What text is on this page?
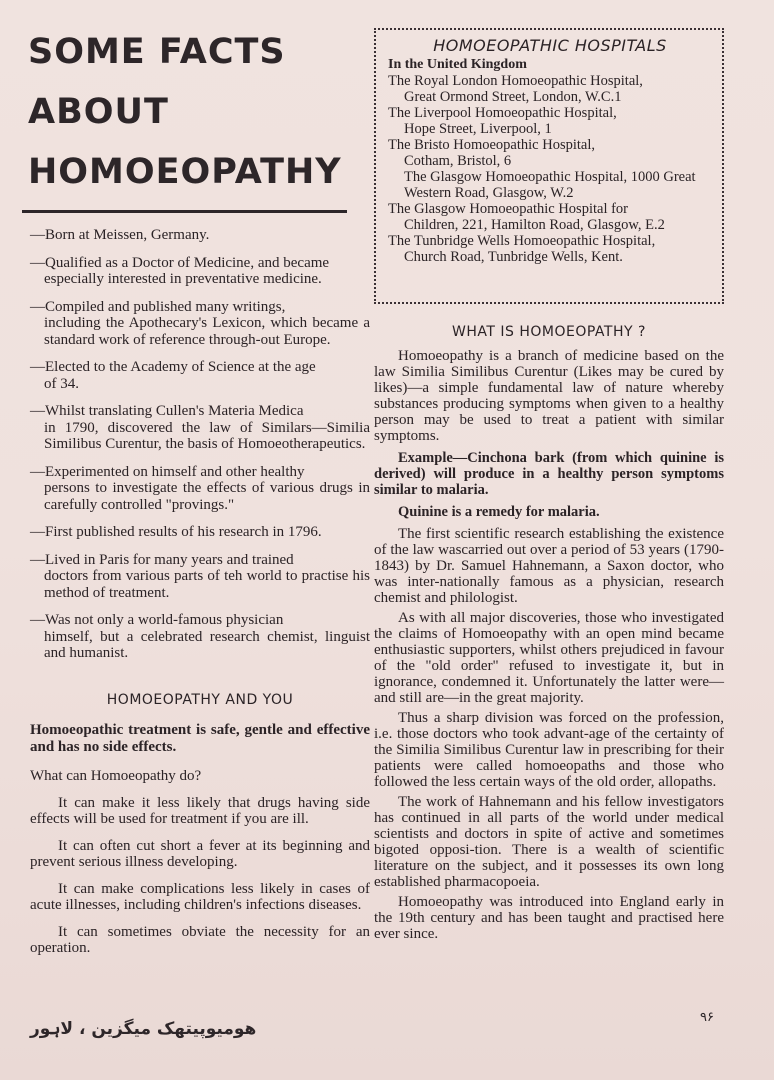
SOME FACTS
ABOUT
HOMOEOPATHY

—Born at Meissen, Germany.

—Qualified as a Doctor of Medicine, and became
especially interested in preventative medicine.

—Compiled and published many writings,
including the Apothecary's Lexicon, which became a standard work of reference through-out Europe.

—Elected to the Academy of Science at the age
of 34.

—Whilst translating Cullen's Materia Medica
in 1790, discovered the law of Similars—Similia Similibus Curentur, the basis of Homoeotherapeutics.

—Experimented on himself and other healthy
persons to investigate the effects of various drugs in carefully controlled "provings."

—First published results of his research in 1796.

—Lived in Paris for many years and trained
doctors from various parts of teh world to practise his method of treatment.

—Was not only a world-famous physician
himself, but a celebrated research chemist, linguist and humanist.

HOMOEOPATHY AND YOU

Homoeopathic treatment is safe, gentle and effective and has no side effects.

What can Homoeopathy do?

It can make it less likely that drugs having side effects will be used for treatment if you are ill.

It can often cut short a fever at its beginning and prevent serious illness developing.

It can make complications less likely in cases of acute illnesses, including children's infections diseases.

It can sometimes obviate the necessity for an operation.

HOMOEOPATHIC HOSPITALS

In the United Kingdom

The Royal London Homoeopathic Hospital,
Great Ormond Street, London, W.C.1

The Liverpool Homoeopathic Hospital,
Hope Street, Liverpool, 1

The Bristo Homoeopathic Hospital,
Cotham, Bristol, 6

The Glasgow Homoeopathic Hospital, 1000 Great Western Road, Glasgow, W.2

The Glasgow Homoeopathic Hospital for
Children, 221, Hamilton Road, Glasgow, E.2

The Tunbridge Wells Homoeopathic Hospital,
Church Road, Tunbridge Wells, Kent.

WHAT IS HOMOEOPATHY ?

Homoeopathy is a branch of medicine based on the law Similia Similibus Curentur (Likes may be cured by likes)—a simple fundamental law of nature whereby substances producing symptoms when given to a healthy person may be used to treat a patient with similar symptoms.

Example—Cinchona bark (from which quinine is derived) will produce in a healthy person symptoms similar to malaria.

Quinine is a remedy for malaria.

The first scientific research establishing the existence of the law wascarried out over a period of 53 years (1790-1843) by Dr. Samuel Hahnemann, a Saxon doctor, who was inter-nationally famous as a physician, research chemist and philologist.

As with all major discoveries, those who investigated the claims of Homoeopathy with an open mind became enthusiastic supporters, whilst others prejudiced in favour of the "old order" refused to investigate it, but in ignorance, condemned it. Unfortunately the latter were—and still are—in the great majority.

Thus a sharp division was forced on the profession, i.e. those doctors who took advant-age of the certainty of the Similia Similibus Curentur law in prescribing for their patients were called homoeopaths and those who followed the less certain ways of the old order, allopaths.

The work of Hahnemann and his fellow investigators has continued in all parts of the world under medical scientists and doctors in spite of active and sometimes bigoted opposi-tion. There is a wealth of scientific literature on the subject, and it possesses its own long established pharmacopoeia.

Homoeopathy was introduced into England early in the 19th century and has been taught and practised here ever since.

ھومیوپیتھک میگزین ، لاہور
۹۶
